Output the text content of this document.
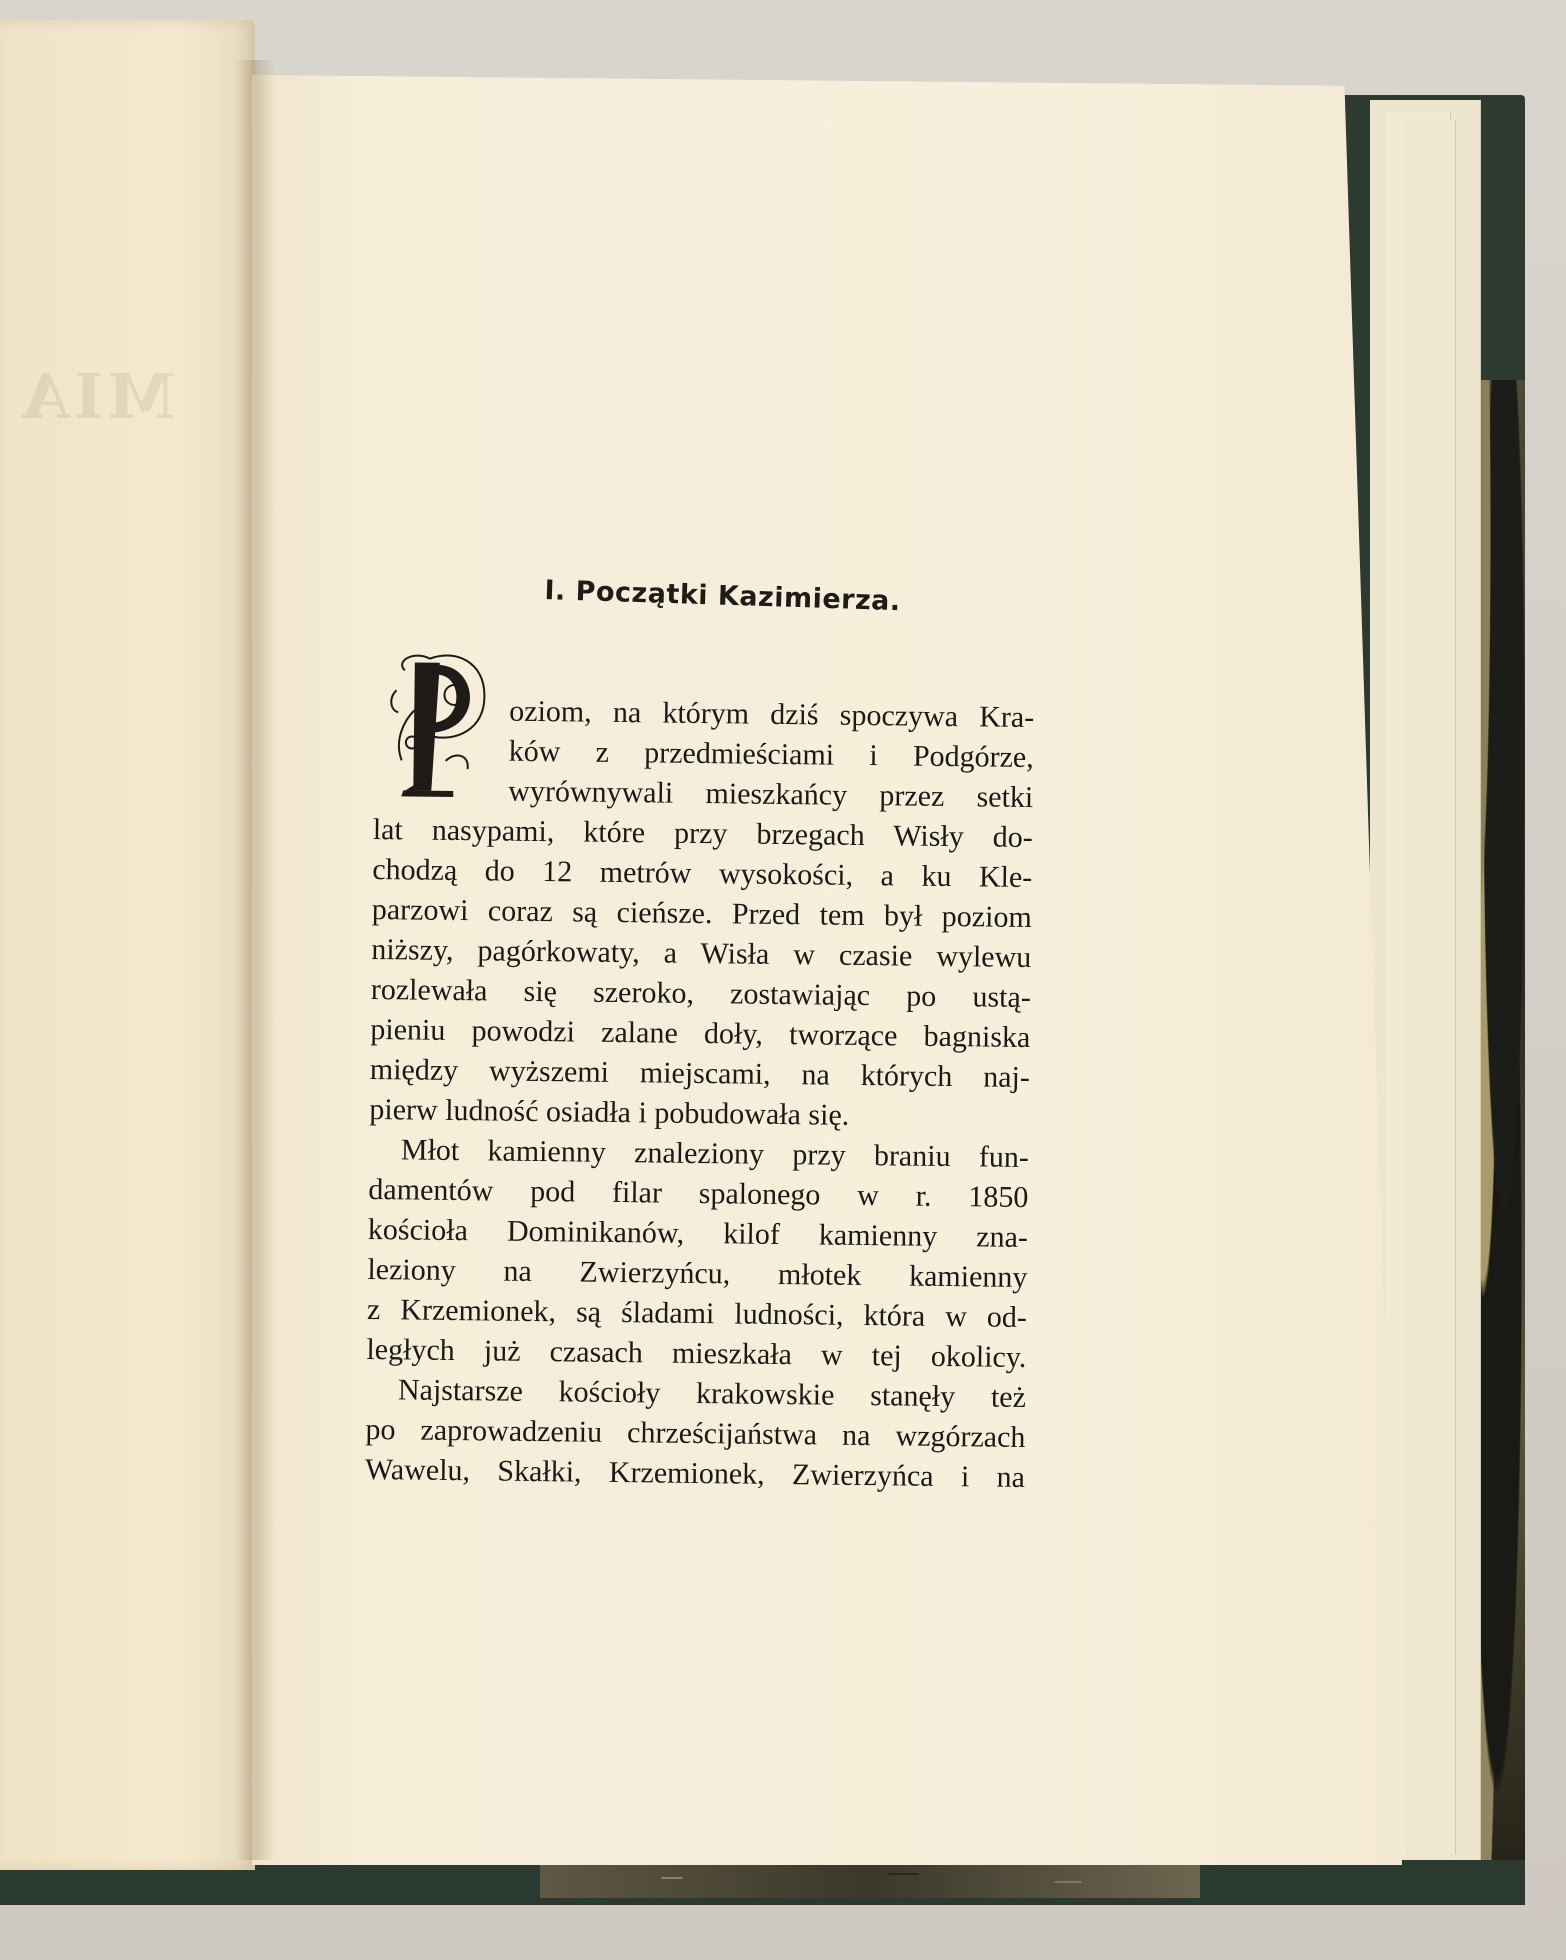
MIA
I. Początki Kazimierza.
P
oziom, na którym dziś spoczywa Kra-
ków z przedmieściami i Podgórze,
wyrównywali mieszkańcy przez setki
lat nasypami, które przy brzegach Wisły do-
chodzą do 12 metrów wysokości, a ku Kle-
parzowi coraz są cieńsze. Przed tem był poziom
niższy, pagórkowaty, a Wisła w czasie wylewu
rozlewała się szeroko, zostawiając po ustą-
pieniu powodzi zalane doły, tworzące bagniska
między wyższemi miejscami, na których naj-
pierw ludność osiadła i pobudowała się.
Młot kamienny znaleziony przy braniu fun-
damentów pod filar spalonego w r. 1850
kościoła Dominikanów, kilof kamienny zna-
leziony na Zwierzyńcu, młotek kamienny
z Krzemionek, są śladami ludności, która w od-
ległych już czasach mieszkała w tej okolicy.
Najstarsze kościoły krakowskie stanęły też
po zaprowadzeniu chrześcijaństwa na wzgórzach
Wawelu, Skałki, Krzemionek, Zwierzyńca i na
